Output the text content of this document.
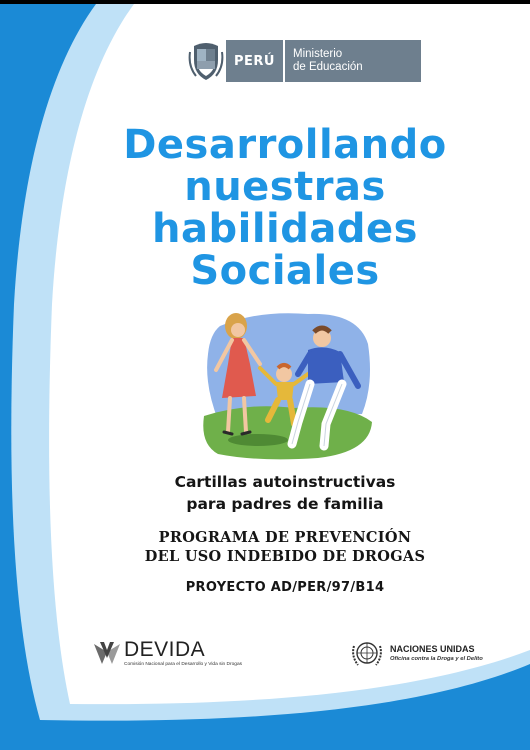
PERÚ	Ministerio
de Educación
Desarrollando
nuestras
habilidades
Sociales
Cartillas autoinstructivas
para padres de familia
PROGRAMA DE PREVENCIÓN
DEL USO INDEBIDO DE DROGAS
PROYECTO AD/PER/97/B14
DEVIDA
Comisión Nacional para el Desarrollo y Vida sin Drogas
NACIONES UNIDAS
Oficina contra la Droga y el Delito
